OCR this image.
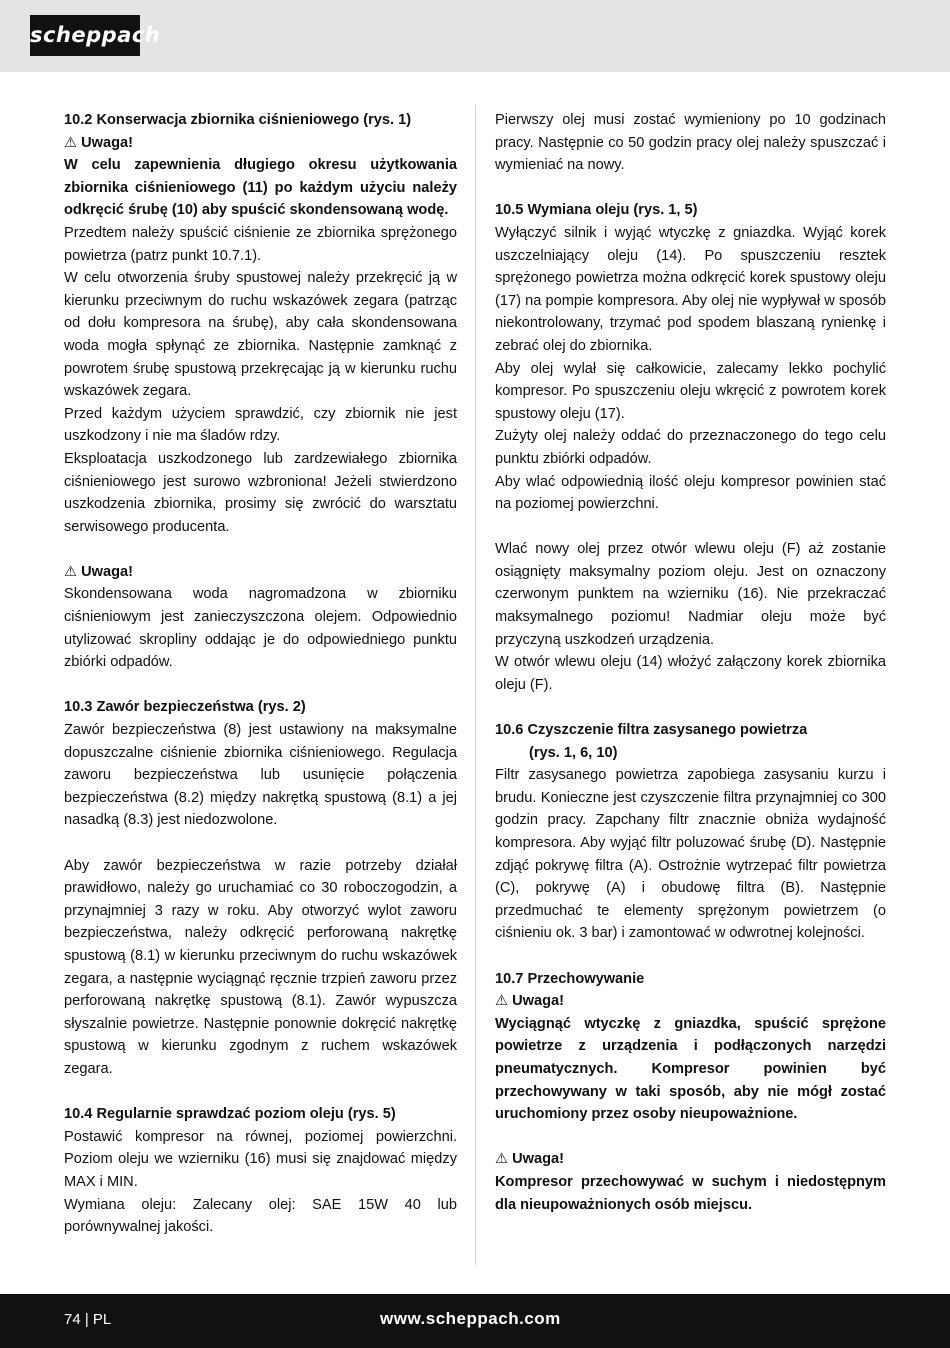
scheppach

10.2 Konserwacja zbiornika ciśnieniowego (rys. 1)

⚠ Uwaga!

W celu zapewnienia długiego okresu użytkowania zbiornika ciśnieniowego (11) po każdym użyciu należy odkręcić śrubę (10) aby spuścić skondensowaną wodę.

Przedtem należy spuścić ciśnienie ze zbiornika sprężonego powietrza (patrz punkt 10.7.1).

W celu otworzenia śruby spustowej należy przekręcić ją w kierunku przeciwnym do ruchu wskazówek zegara (patrząc od dołu kompresora na śrubę), aby cała skondensowana woda mogła spłynąć ze zbiornika. Następnie zamknąć z powrotem śrubę spustową przekręcając ją w kierunku ruchu wskazówek zegara.

Przed każdym użyciem sprawdzić, czy zbiornik nie jest uszkodzony i nie ma śladów rdzy.

Eksploatacja uszkodzonego lub zardzewiałego zbiornika ciśnieniowego jest surowo wzbroniona! Jeżeli stwierdzono uszkodzenia zbiornika, prosimy się zwrócić do warsztatu serwisowego producenta.

⚠ Uwaga!

Skondensowana woda nagromadzona w zbiorniku ciśnieniowym jest zanieczyszczona olejem. Odpowiednio utylizować skropliny oddając je do odpowiedniego punktu zbiórki odpadów.

10.3 Zawór bezpieczeństwa (rys. 2)

Zawór bezpieczeństwa (8) jest ustawiony na maksymalne dopuszczalne ciśnienie zbiornika ciśnieniowego. Regulacja zaworu bezpieczeństwa lub usunięcie połączenia bezpieczeństwa (8.2) między nakrętką spustową (8.1) a jej nasadką (8.3) jest niedozwolone.

Aby zawór bezpieczeństwa w razie potrzeby działał prawidłowo, należy go uruchamiać co 30 roboczogodzin, a przynajmniej 3 razy w roku. Aby otworzyć wylot zaworu bezpieczeństwa, należy odkręcić perforowaną nakrętkę spustową (8.1) w kierunku przeciwnym do ruchu wskazówek zegara, a następnie wyciągnąć ręcznie trzpień zaworu przez perforowaną nakrętkę spustową (8.1). Zawór wypuszcza słyszalnie powietrze. Następnie ponownie dokręcić nakrętkę spustową w kierunku zgodnym z ruchem wskazówek zegara.

10.4 Regularnie sprawdzać poziom oleju (rys. 5)

Postawić kompresor na równej, poziomej powierzchni. Poziom oleju we wzierniku (16) musi się znajdować między MAX i MIN.

Wymiana oleju: Zalecany olej: SAE 15W 40 lub porównywalnej jakości.

Pierwszy olej musi zostać wymieniony po 10 godzinach pracy. Następnie co 50 godzin pracy olej należy spuszczać i wymieniać na nowy.

10.5 Wymiana oleju (rys. 1, 5)

Wyłączyć silnik i wyjąć wtyczkę z gniazdka. Wyjąć korek uszczelniający oleju (14). Po spuszczeniu resztek sprężonego powietrza można odkręcić korek spustowy oleju (17) na pompie kompresora. Aby olej nie wypływał w sposób niekontrolowany, trzymać pod spodem blaszaną rynienkę i zebrać olej do zbiornika.

Aby olej wylał się całkowicie, zalecamy lekko pochylić kompresor. Po spuszczeniu oleju wkręcić z powrotem korek spustowy oleju (17).

Zużyty olej należy oddać do przeznaczonego do tego celu punktu zbiórki odpadów.

Aby wlać odpowiednią ilość oleju kompresor powinien stać na poziomej powierzchni.

Wlać nowy olej przez otwór wlewu oleju (F) aż zostanie osiągnięty maksymalny poziom oleju. Jest on oznaczony czerwonym punktem na wzierniku (16). Nie przekraczać maksymalnego poziomu! Nadmiar oleju może być przyczyną uszkodzeń urządzenia.

W otwór wlewu oleju (14) włożyć załączony korek zbiornika oleju (F).

10.6 Czyszczenie filtra zasysanego powietrza

(rys. 1, 6, 10)

Filtr zasysanego powietrza zapobiega zasysaniu kurzu i brudu. Konieczne jest czyszczenie filtra przynajmniej co 300 godzin pracy. Zapchany filtr znacznie obniża wydajność kompresora. Aby wyjąć filtr poluzować śrubę (D). Następnie zdjąć pokrywę filtra (A). Ostrożnie wytrzepać filtr powietrza (C), pokrywę (A) i obudowę filtra (B). Następnie przedmuchać te elementy sprężonym powietrzem (o ciśnieniu ok. 3 bar) i zamontować w odwrotnej kolejności.

10.7 Przechowywanie

⚠ Uwaga!

Wyciągnąć wtyczkę z gniazdka, spuścić sprężone powietrze z urządzenia i podłączonych narzędzi pneumatycznych. Kompresor powinien być przechowywany w taki sposób, aby nie mógł zostać uruchomiony przez osoby nieupoważnione.

⚠ Uwaga!

Kompresor przechowywać w suchym i niedostępnym dla nieupoważnionych osób miejscu.

74 | PL	www.scheppach.com
